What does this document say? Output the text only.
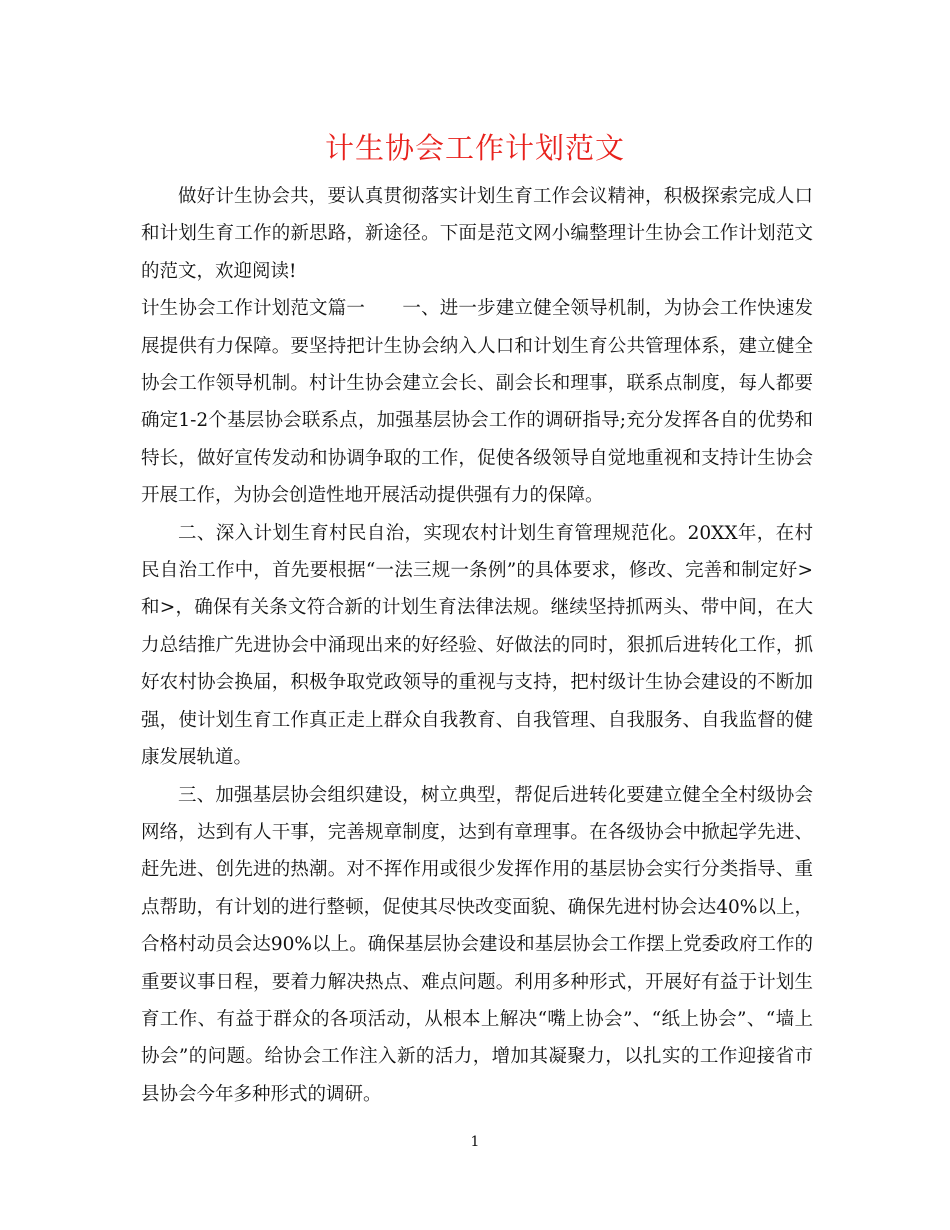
计生协会工作计划范文

做好计生协会共，要认真贯彻落实计划生育工作会议精神，积极探索完成人口和计划生育工作的新思路，新途径。下面是范文网小编整理计生协会工作计划范文的范文，欢迎阅读!

计生协会工作计划范文篇一　　一、进一步建立健全领导机制，为协会工作快速发展提供有力保障。要坚持把计生协会纳入人口和计划生育公共管理体系，建立健全协会工作领导机制。村计生协会建立会长、副会长和理事，联系点制度，每人都要确定1-2个基层协会联系点，加强基层协会工作的调研指导;充分发挥各自的优势和特长，做好宣传发动和协调争取的工作，促使各级领导自觉地重视和支持计生协会开展工作，为协会创造性地开展活动提供强有力的保障。

二、深入计划生育村民自治，实现农村计划生育管理规范化。20XX年，在村民自治工作中，首先要根据“一法三规一条例”的具体要求，修改、完善和制定好>和>，确保有关条文符合新的计划生育法律法规。继续坚持抓两头、带中间，在大力总结推广先进协会中涌现出来的好经验、好做法的同时，狠抓后进转化工作，抓好农村协会换届，积极争取党政领导的重视与支持，把村级计生协会建设的不断加强，使计划生育工作真正走上群众自我教育、自我管理、自我服务、自我监督的健康发展轨道。

三、加强基层协会组织建设，树立典型，帮促后进转化要建立健全全村级协会网络，达到有人干事，完善规章制度，达到有章理事。在各级协会中掀起学先进、赶先进、创先进的热潮。对不挥作用或很少发挥作用的基层协会实行分类指导、重点帮助，有计划的进行整顿，促使其尽快改变面貌、确保先进村协会达40%以上，合格村动员会达90%以上。确保基层协会建设和基层协会工作摆上党委政府工作的重要议事日程，要着力解决热点、难点问题。利用多种形式，开展好有益于计划生育工作、有益于群众的各项活动，从根本上解决“嘴上协会”、“纸上协会”、“墙上协会”的问题。给协会工作注入新的活力，增加其凝聚力，以扎实的工作迎接省市县协会今年多种形式的调研。

1
